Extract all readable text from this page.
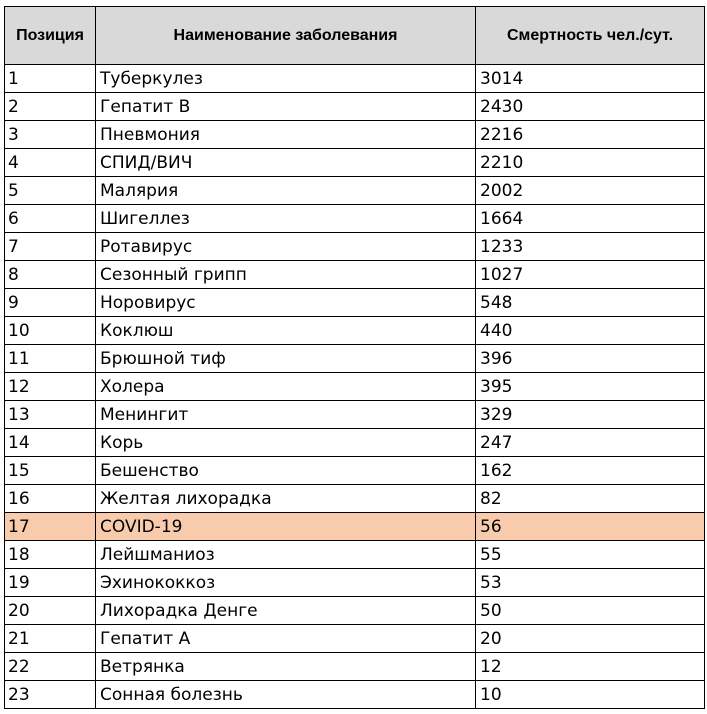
Позиция	Наименование заболевания	Смертность чел./сут.
1	Туберкулез	3014
2	Гепатит В	2430
3	Пневмония	2216
4	СПИД/ВИЧ	2210
5	Малярия	2002
6	Шигеллез	1664
7	Ротавирус	1233
8	Сезонный грипп	1027
9	Норовирус	548
10	Коклюш	440
11	Брюшной тиф	396
12	Холера	395
13	Менингит	329
14	Корь	247
15	Бешенство	162
16	Желтая лихорадка	82
17	COVID-19	56
18	Лейшманиоз	55
19	Эхинококкоз	53
20	Лихорадка Денге	50
21	Гепатит А	20
22	Ветрянка	12
23	Сонная болезнь	10
